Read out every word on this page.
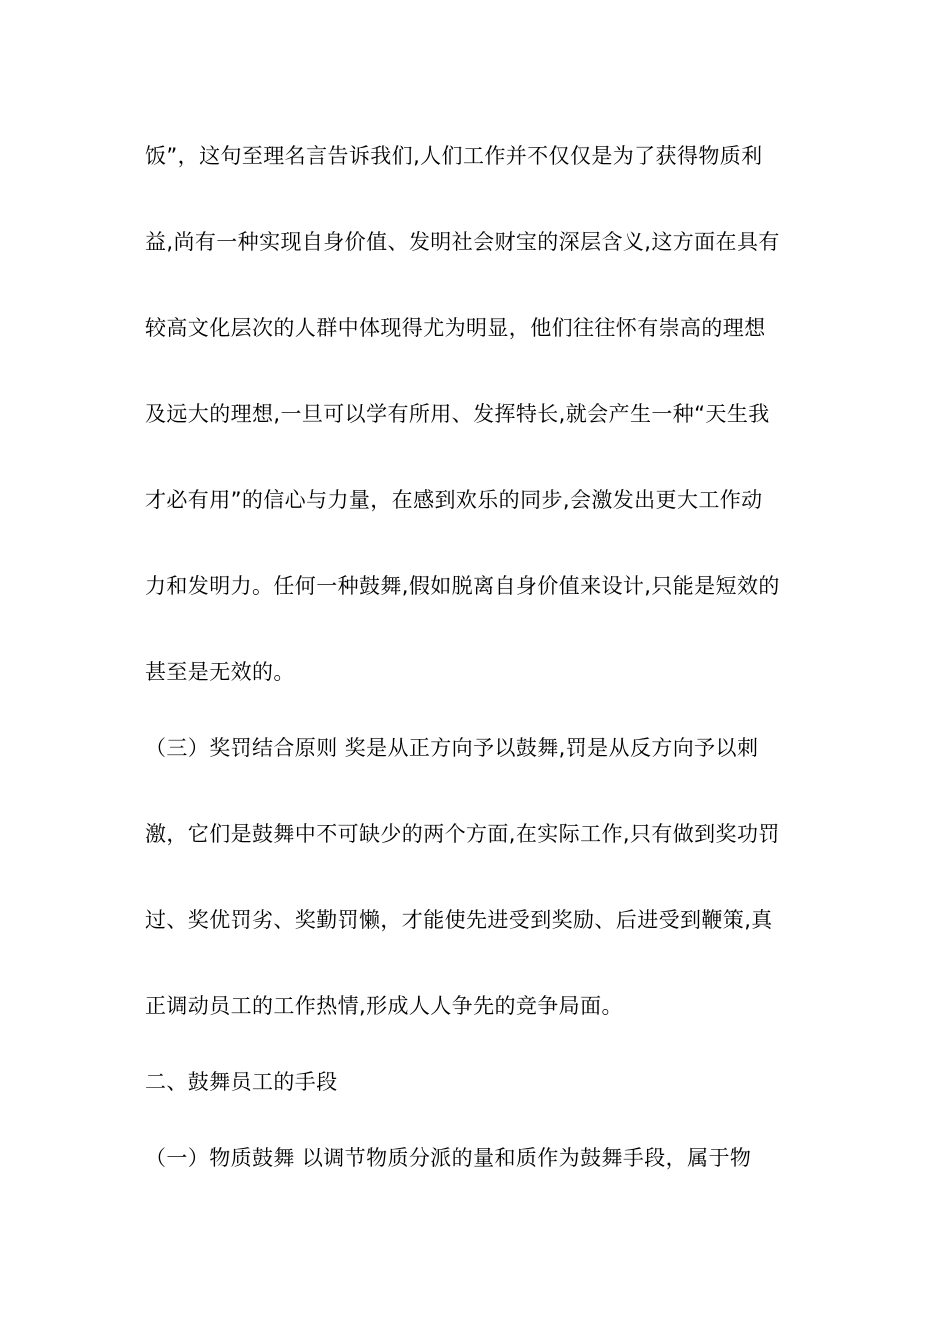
饭”，这句至理名言告诉我们,人们工作并不仅仅是为了获得物质利
益,尚有一种实现自身价值、发明社会财宝的深层含义,这方面在具有
较高文化层次的人群中体现得尤为明显，他们往往怀有崇高的理想
及远大的理想,一旦可以学有所用、发挥特长,就会产生一种“天生我
才必有用”的信心与力量，在感到欢乐的同步,会激发出更大工作动
力和发明力。任何一种鼓舞,假如脱离自身价值来设计,只能是短效的
甚至是无效的。
（三）奖罚结合原则 奖是从正方向予以鼓舞,罚是从反方向予以刺
激，它们是鼓舞中不可缺少的两个方面,在实际工作,只有做到奖功罚
过、奖优罚劣、奖勤罚懒，才能使先进受到奖励、后进受到鞭策,真
正调动员工的工作热情,形成人人争先的竞争局面。
二、鼓舞员工的手段
（一）物质鼓舞 以调节物质分派的量和质作为鼓舞手段，属于物
